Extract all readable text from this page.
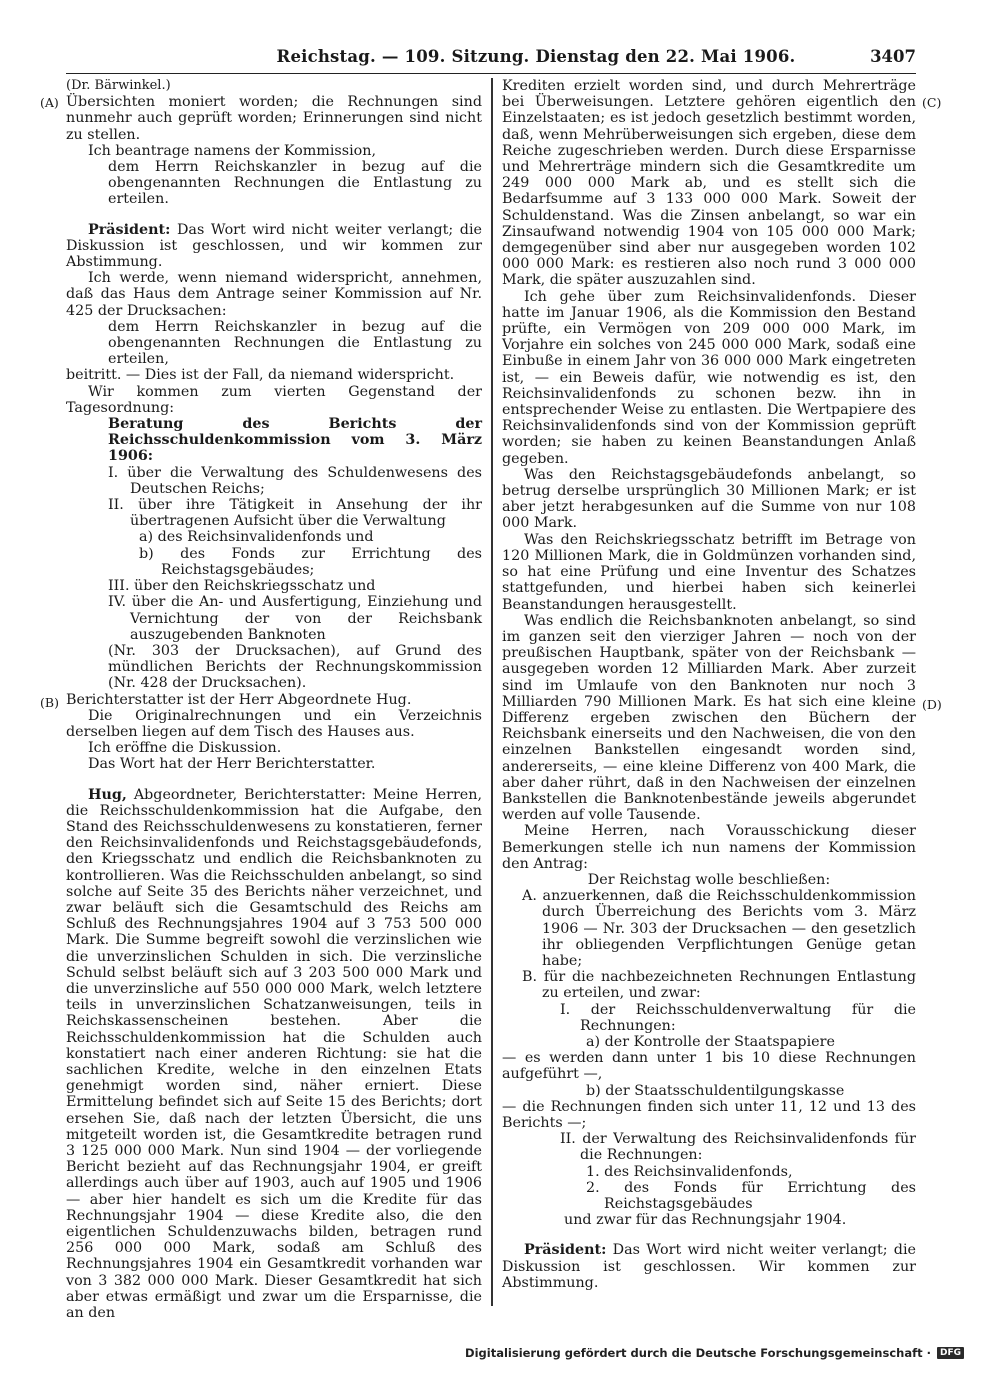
Reichstag. — 109. Sitzung. Dienstag den 22. Mai 1906.	3407
(A)
(B)
(C)
(D)

(Dr. Bärwinkel.)

Übersichten moniert worden; die Rechnungen sind nunmehr auch geprüft worden; Erinnerungen sind nicht zu stellen.

Ich beantrage namens der Kommission,

dem Herrn Reichskanzler in bezug auf die obengenannten Rechnungen die Entlastung zu erteilen.

Präsident: Das Wort wird nicht weiter verlangt; die Diskussion ist geschlossen, und wir kommen zur Abstimmung.

Ich werde, wenn niemand widerspricht, annehmen, daß das Haus dem Antrage seiner Kommission auf Nr. 425 der Drucksachen:

dem Herrn Reichskanzler in bezug auf die obengenannten Rechnungen die Entlastung zu erteilen,

beitritt. — Dies ist der Fall, da niemand widerspricht.

Wir kommen zum vierten Gegenstand der Tagesordnung:

Beratung des Berichts der Reichsschuldenkommission vom 3. März 1906:

I. über die Verwaltung des Schuldenwesens des Deutschen Reichs;

II. über ihre Tätigkeit in Ansehung der ihr übertragenen Aufsicht über die Verwaltung

a) des Reichsinvalidenfonds und

b) des Fonds zur Errichtung des Reichstagsgebäudes;

III. über den Reichskriegsschatz und

IV. über die An- und Ausfertigung, Einziehung und Vernichtung der von der Reichsbank auszugebenden Banknoten

(Nr. 303 der Drucksachen), auf Grund des mündlichen Berichts der Rechnungskommission (Nr. 428 der Drucksachen).

Berichterstatter ist der Herr Abgeordnete Hug.

Die Originalrechnungen und ein Verzeichnis derselben liegen auf dem Tisch des Hauses aus.

Ich eröffne die Diskussion.

Das Wort hat der Herr Berichterstatter.

Hug, Abgeordneter, Berichterstatter: Meine Herren, die Reichsschuldenkommission hat die Aufgabe, den Stand des Reichsschuldenwesens zu konstatieren, ferner den Reichsinvalidenfonds und Reichstagsgebäudefonds, den Kriegsschatz und endlich die Reichsbanknoten zu kontrollieren. Was die Reichsschulden anbelangt, so sind solche auf Seite 35 des Berichts näher verzeichnet, und zwar beläuft sich die Gesamtschuld des Reichs am Schluß des Rechnungsjahres 1904 auf 3 753 500 000 Mark. Die Summe begreift sowohl die verzinslichen wie die unverzinslichen Schulden in sich. Die verzinsliche Schuld selbst beläuft sich auf 3 203 500 000 Mark und die unverzinsliche auf 550 000 000 Mark, welch letztere teils in unverzinslichen Schatzanweisungen, teils in Reichskassenscheinen bestehen. Aber die Reichsschuldenkommission hat die Schulden auch konstatiert nach einer anderen Richtung: sie hat die sachlichen Kredite, welche in den einzelnen Etats genehmigt worden sind, näher erniert. Diese Ermittelung befindet sich auf Seite 15 des Berichts; dort ersehen Sie, daß nach der letzten Übersicht, die uns mitgeteilt worden ist, die Gesamtkredite betragen rund 3 125 000 000 Mark. Nun sind 1904 — der vorliegende Bericht bezieht auf das Rechnungsjahr 1904, er greift allerdings auch über auf 1903, auch auf 1905 und 1906 — aber hier handelt es sich um die Kredite für das Rechnungsjahr 1904 — diese Kredite also, die den eigentlichen Schuldenzuwachs bilden, betragen rund 256 000 000 Mark, sodaß am Schluß des Rechnungsjahres 1904 ein Gesamtkredit vorhanden war von 3 382 000 000 Mark. Dieser Gesamtkredit hat sich aber etwas ermäßigt und zwar um die Ersparnisse, die an den

Krediten erzielt worden sind, und durch Mehrerträge bei Überweisungen. Letztere gehören eigentlich den Einzelstaaten; es ist jedoch gesetzlich bestimmt worden, daß, wenn Mehrüberweisungen sich ergeben, diese dem Reiche zugeschrieben werden. Durch diese Ersparnisse und Mehrerträge mindern sich die Gesamtkredite um 249 000 000 Mark ab, und es stellt sich die Bedarfsumme auf 3 133 000 000 Mark. Soweit der Schuldenstand. Was die Zinsen anbelangt, so war ein Zinsaufwand notwendig 1904 von 105 000 000 Mark; demgegenüber sind aber nur ausgegeben worden 102 000 000 Mark: es restieren also noch rund 3 000 000 Mark, die später auszuzahlen sind.

Ich gehe über zum Reichsinvalidenfonds. Dieser hatte im Januar 1906, als die Kommission den Bestand prüfte, ein Vermögen von 209 000 000 Mark, im Vorjahre ein solches von 245 000 000 Mark, sodaß eine Einbuße in einem Jahr von 36 000 000 Mark eingetreten ist, — ein Beweis dafür, wie notwendig es ist, den Reichsinvalidenfonds zu schonen bezw. ihn in entsprechender Weise zu entlasten. Die Wertpapiere des Reichsinvalidenfonds sind von der Kommission geprüft worden; sie haben zu keinen Beanstandungen Anlaß gegeben.

Was den Reichstagsgebäudefonds anbelangt, so betrug derselbe ursprünglich 30 Millionen Mark; er ist aber jetzt herabgesunken auf die Summe von nur 108 000 Mark.

Was den Reichskriegsschatz betrifft im Betrage von 120 Millionen Mark, die in Goldmünzen vorhanden sind, so hat eine Prüfung und eine Inventur des Schatzes stattgefunden, und hierbei haben sich keinerlei Beanstandungen herausgestellt.

Was endlich die Reichsbanknoten anbelangt, so sind im ganzen seit den vierziger Jahren — noch von der preußischen Hauptbank, später von der Reichsbank — ausgegeben worden 12 Milliarden Mark. Aber zurzeit sind im Umlaufe von den Banknoten nur noch 3 Milliarden 790 Millionen Mark. Es hat sich eine kleine Differenz ergeben zwischen den Büchern der Reichsbank einerseits und den Nachweisen, die von den einzelnen Bankstellen eingesandt worden sind, andererseits, — eine kleine Differenz von 400 Mark, die aber daher rührt, daß in den Nachweisen der einzelnen Bankstellen die Banknotenbestände jeweils abgerundet werden auf volle Tausende.

Meine Herren, nach Vorausschickung dieser Bemerkungen stelle ich nun namens der Kommission den Antrag:

Der Reichstag wolle beschließen:

A. anzuerkennen, daß die Reichsschuldenkommission durch Überreichung des Berichts vom 3. März 1906 — Nr. 303 der Drucksachen — den gesetzlich ihr obliegenden Verpflichtungen Genüge getan habe;

B. für die nachbezeichneten Rechnungen Entlastung zu erteilen, und zwar:

I. der Reichsschuldenverwaltung für die Rechnungen:

a) der Kontrolle der Staatspapiere

— es werden dann unter 1 bis 10 diese Rechnungen aufgeführt —,

b) der Staatsschuldentilgungskasse

— die Rechnungen finden sich unter 11, 12 und 13 des Berichts —;

II. der Verwaltung des Reichsinvalidenfonds für die Rechnungen:

1. des Reichsinvalidenfonds,

2. des Fonds für Errichtung des Reichstagsgebäudes

und zwar für das Rechnungsjahr 1904.

Präsident: Das Wort wird nicht weiter verlangt; die Diskussion ist geschlossen. Wir kommen zur Abstimmung.

Digitalisierung gefördert durch die Deutsche Forschungsgemeinschaft ·	DFG
